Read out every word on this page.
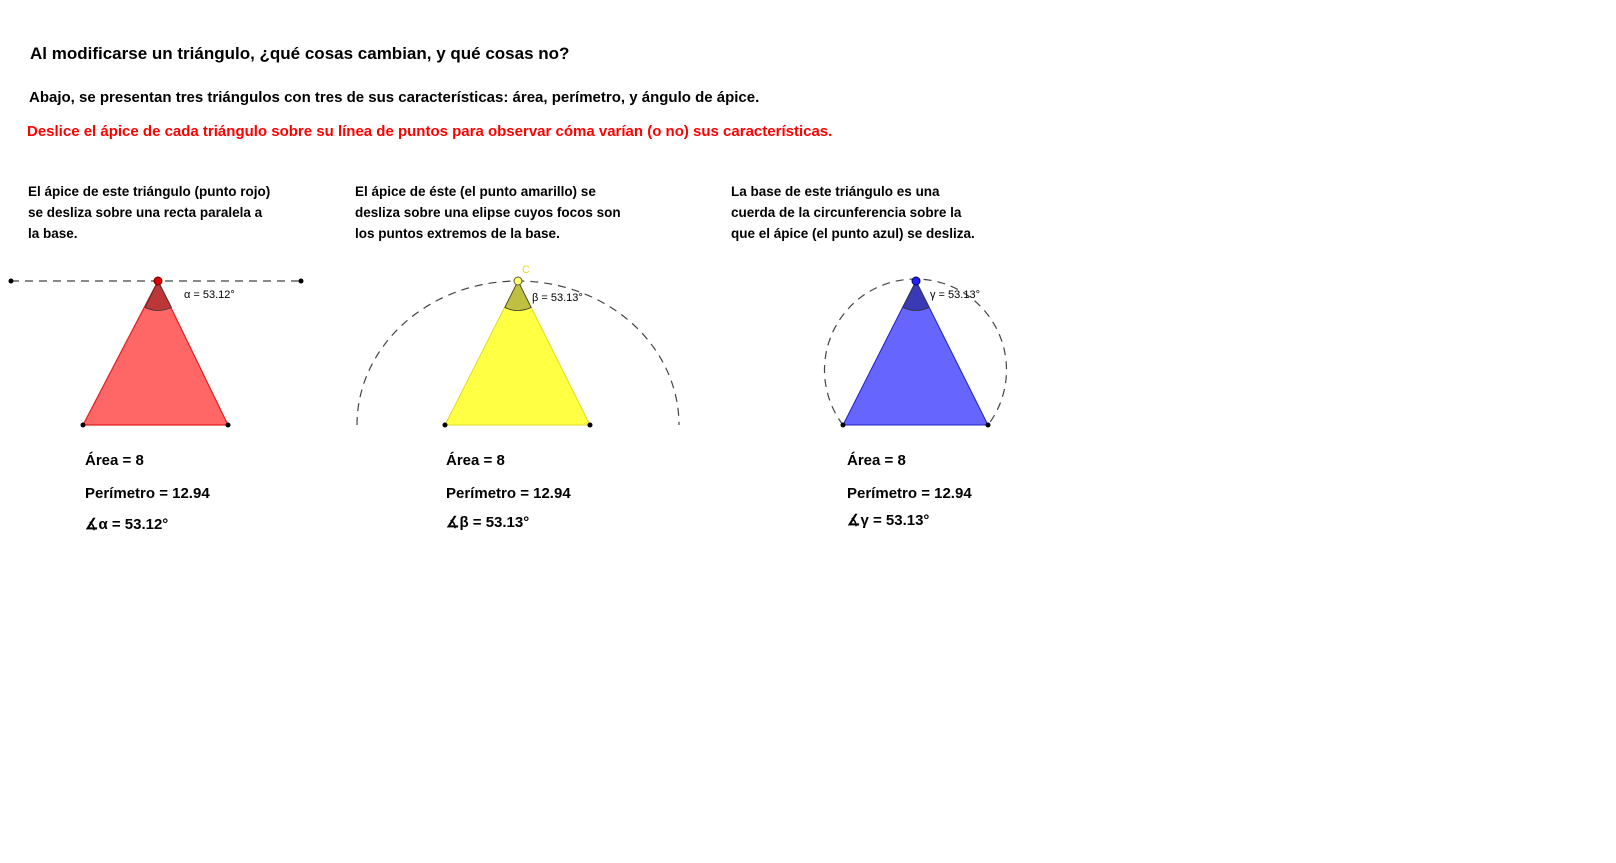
Al modificarse un triángulo, ¿qué cosas cambian, y qué cosas no?
Abajo, se presentan tres triángulos con tres de sus características: área, perímetro, y ángulo de ápice.
Deslice el ápice de cada triángulo sobre su línea de puntos para observar cóma varían (o no) sus características.
El ápice de este triángulo (punto rojo)
se desliza sobre una recta paralela a
la base.
El ápice de éste (el punto amarillo) se
desliza sobre una elipse cuyos focos son
los puntos extremos de la base.
La base de este triángulo es una
cuerda de la circunferencia sobre la
que el ápice (el punto azul) se desliza.
α = 53.12°
C
β = 53.13°	γ = 53.13°
Área = 8
Perímetro = 12.94
∡α = 53.12°
Área = 8
Perímetro = 12.94
∡β = 53.13°
Área = 8
Perímetro = 12.94
∡γ = 53.13°
